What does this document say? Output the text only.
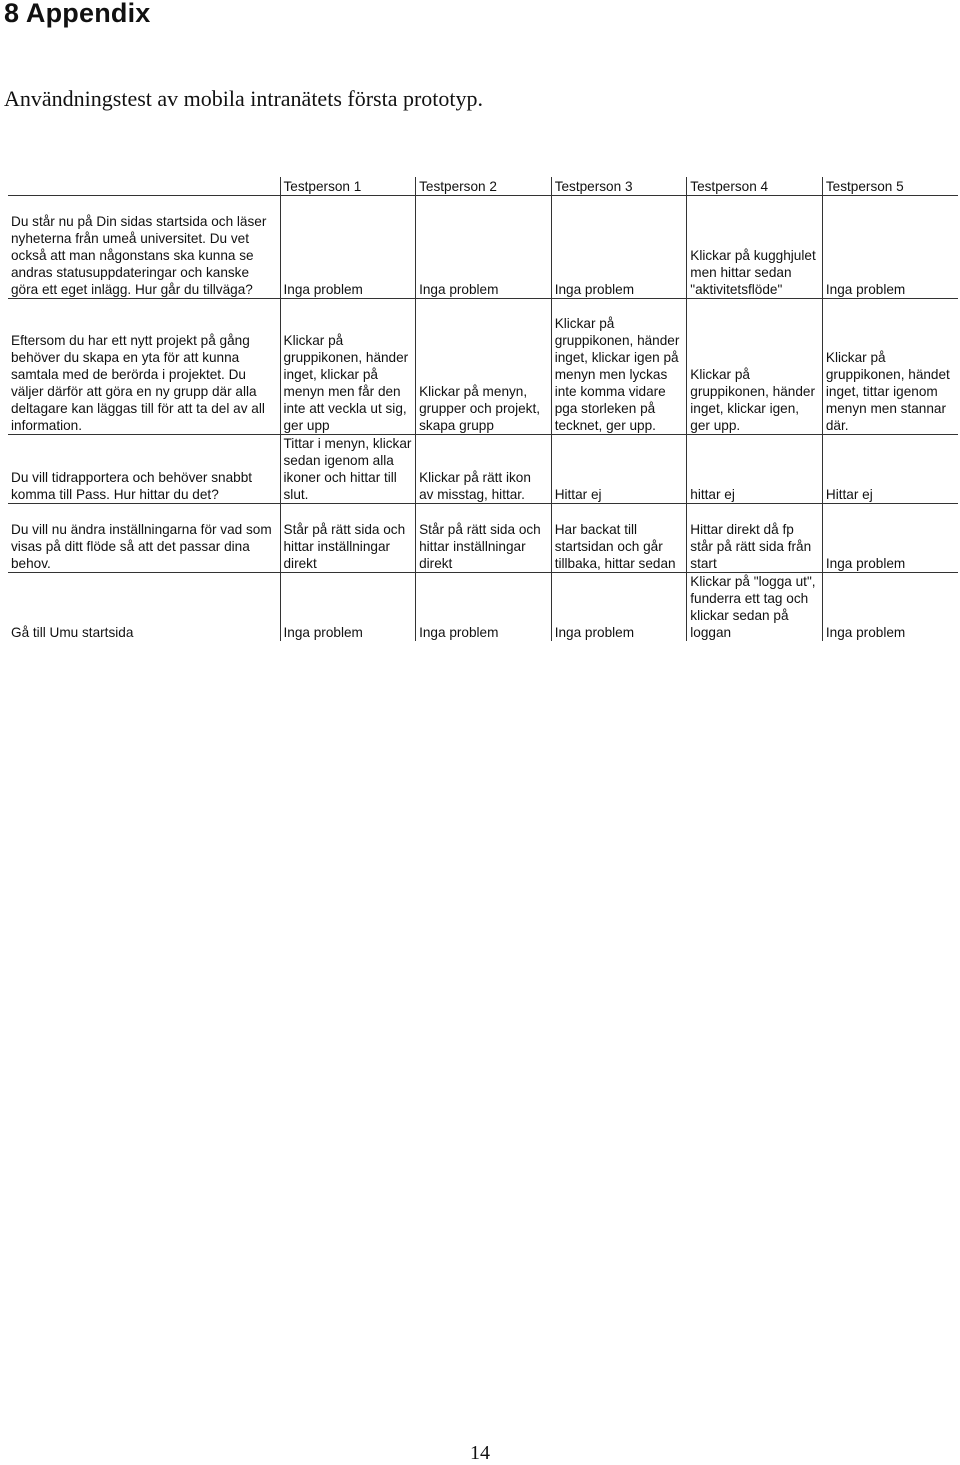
8 Appendix

Användningstest av mobila intranätets första prototyp.

	Testperson 1	Testperson 2	Testperson 3	Testperson 4	Testperson 5

Du står nu på Din sidas startsida och läser nyheterna från umeå universitet. Du vet också att man någonstans ska kunna se andras statusuppdateringar och kanske göra ett eget inlägg. Hur går du tillväga?	Inga problem	Inga problem	Inga problem	Klickar på kugghjulet men hittar sedan "aktivitetsflöde"	Inga problem

Eftersom du har ett nytt projekt på gång behöver du skapa en yta för att kunna samtala med de berörda i projektet. Du väljer därför att göra en ny grupp där alla deltagare kan läggas till för att ta del av all information.	Klickar på gruppikonen, händer inget, klickar på menyn men får den inte att veckla ut sig, ger upp	Klickar på menyn, grupper och projekt, skapa grupp	Klickar på gruppikonen, händer inget, klickar igen på menyn men lyckas inte komma vidare pga storleken på tecknet, ger upp.	Klickar på gruppikonen, händer inget, klickar igen, ger upp.	Klickar på gruppikonen, händet inget, tittar igenom menyn men stannar där.

Du vill tidrapportera och behöver snabbt komma till Pass. Hur hittar du det?	Tittar i menyn, klickar sedan igenom alla ikoner och hittar till slut.	Klickar på rätt ikon av misstag, hittar.	Hittar ej	hittar ej	Hittar ej

Du vill nu ändra inställningarna för vad som visas på ditt flöde så att det passar dina behov.	Står på rätt sida och hittar inställningar direkt	Står på rätt sida och hittar inställningar direkt	Har backat till startsidan och går tillbaka, hittar sedan	Hittar direkt då fp står på rätt sida från start	Inga problem

Gå till Umu startsida	Inga problem	Inga problem	Inga problem	Klickar på "logga ut", funderra ett tag och klickar sedan på loggan	Inga problem

14
